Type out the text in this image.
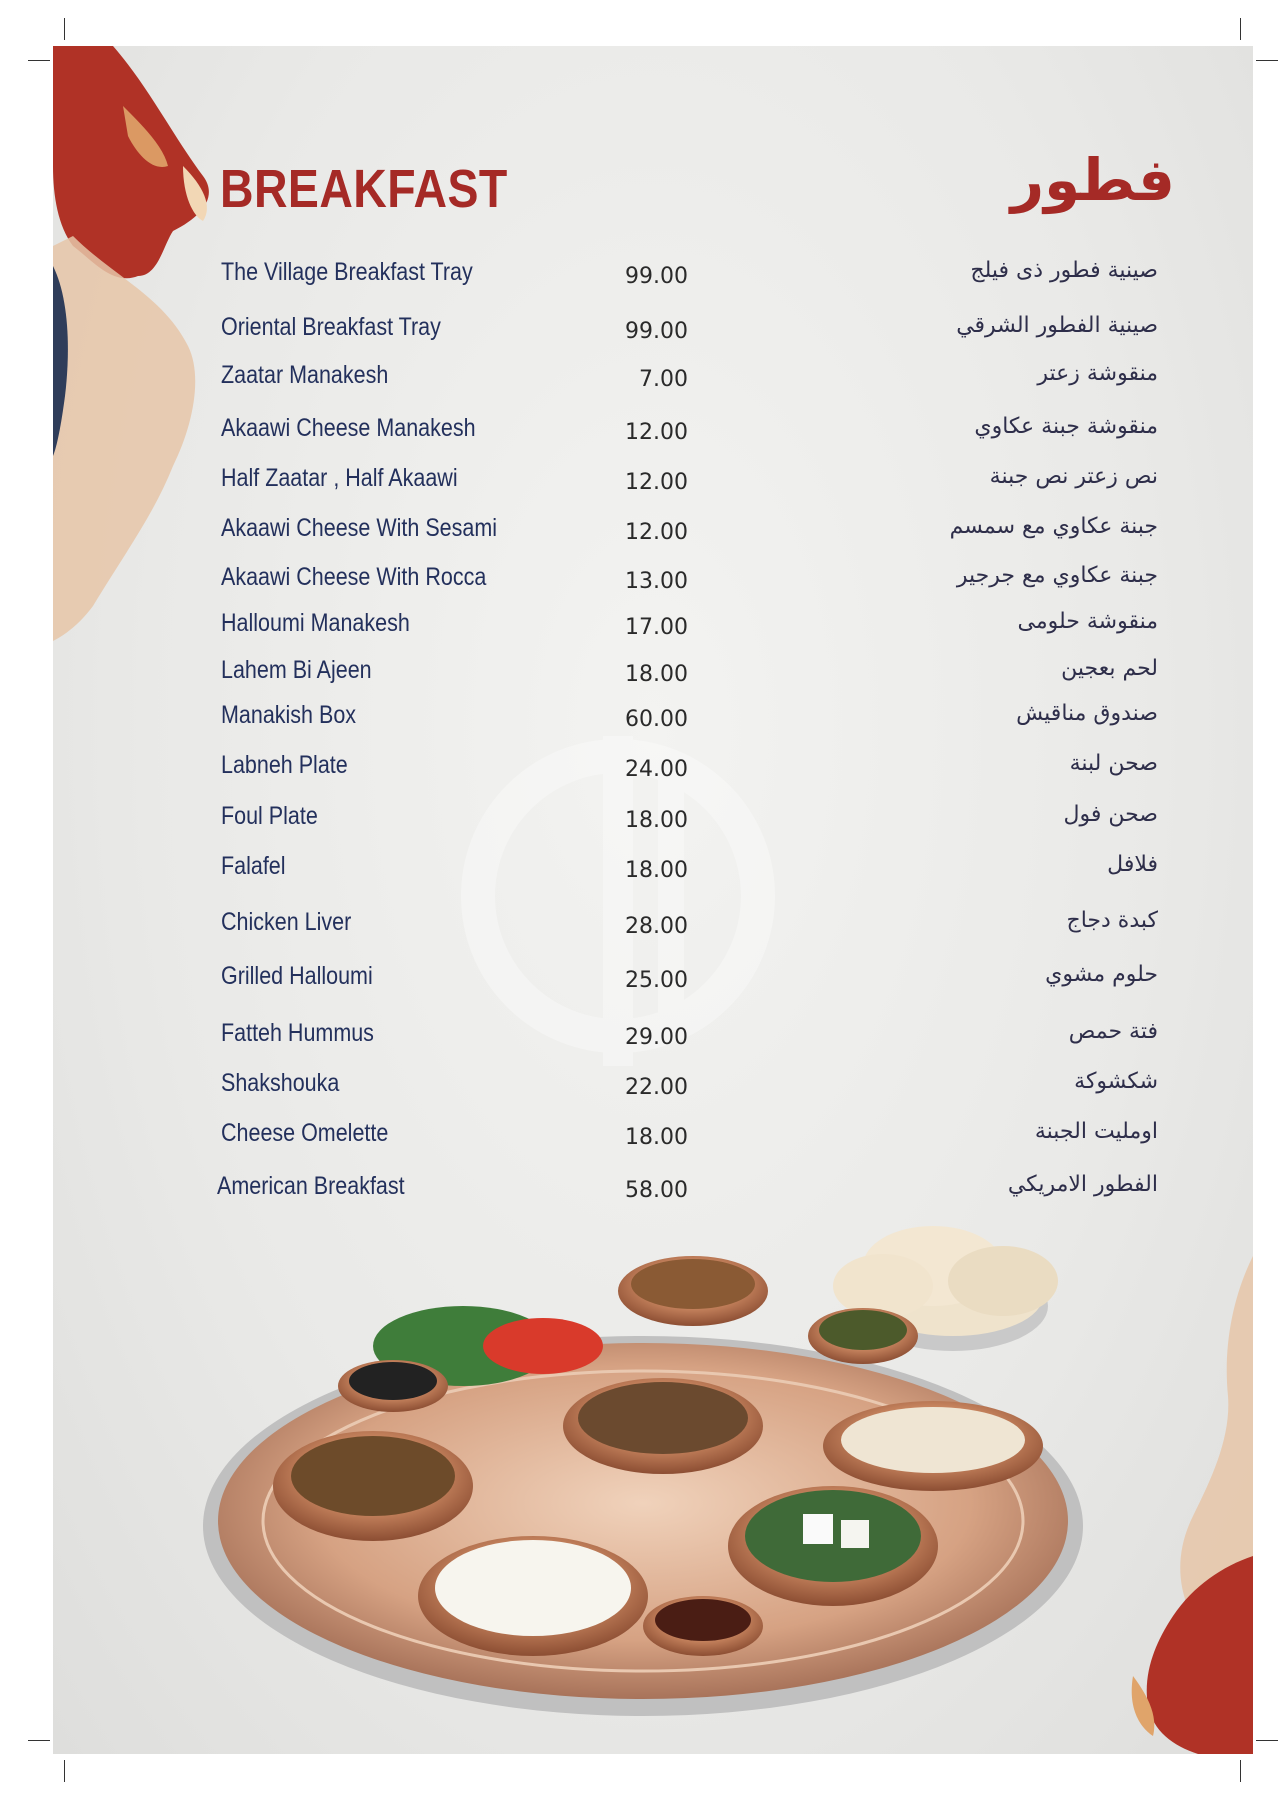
BREAKFAST	فطور
The Village Breakfast Tray	99.00	صينية فطور ذى فيلج
Oriental Breakfast Tray	99.00	صينية الفطور الشرقي
Zaatar Manakesh	7.00	منقوشة زعتر
Akaawi Cheese Manakesh	12.00	منقوشة جبنة عكاوي
Half Zaatar , Half Akaawi	12.00	نص زعتر نص جبنة
Akaawi Cheese With Sesami	12.00	جبنة عكاوي مع سمسم
Akaawi Cheese With Rocca	13.00	جبنة عكاوي مع جرجير
Halloumi Manakesh	17.00	منقوشة حلومى
Lahem Bi Ajeen	18.00	لحم بعجين
Manakish Box	60.00	صندوق مناقيش
Labneh Plate	24.00	صحن لبنة
Foul Plate	18.00	صحن فول
Falafel	18.00	فلافل
Chicken Liver	28.00	كبدة دجاج
Grilled Halloumi	25.00	حلوم مشوي
Fatteh Hummus	29.00	فتة حمص
Shakshouka	22.00	شكشوكة
Cheese Omelette	18.00	اومليت الجبنة
American Breakfast	58.00	الفطور الامريكي
